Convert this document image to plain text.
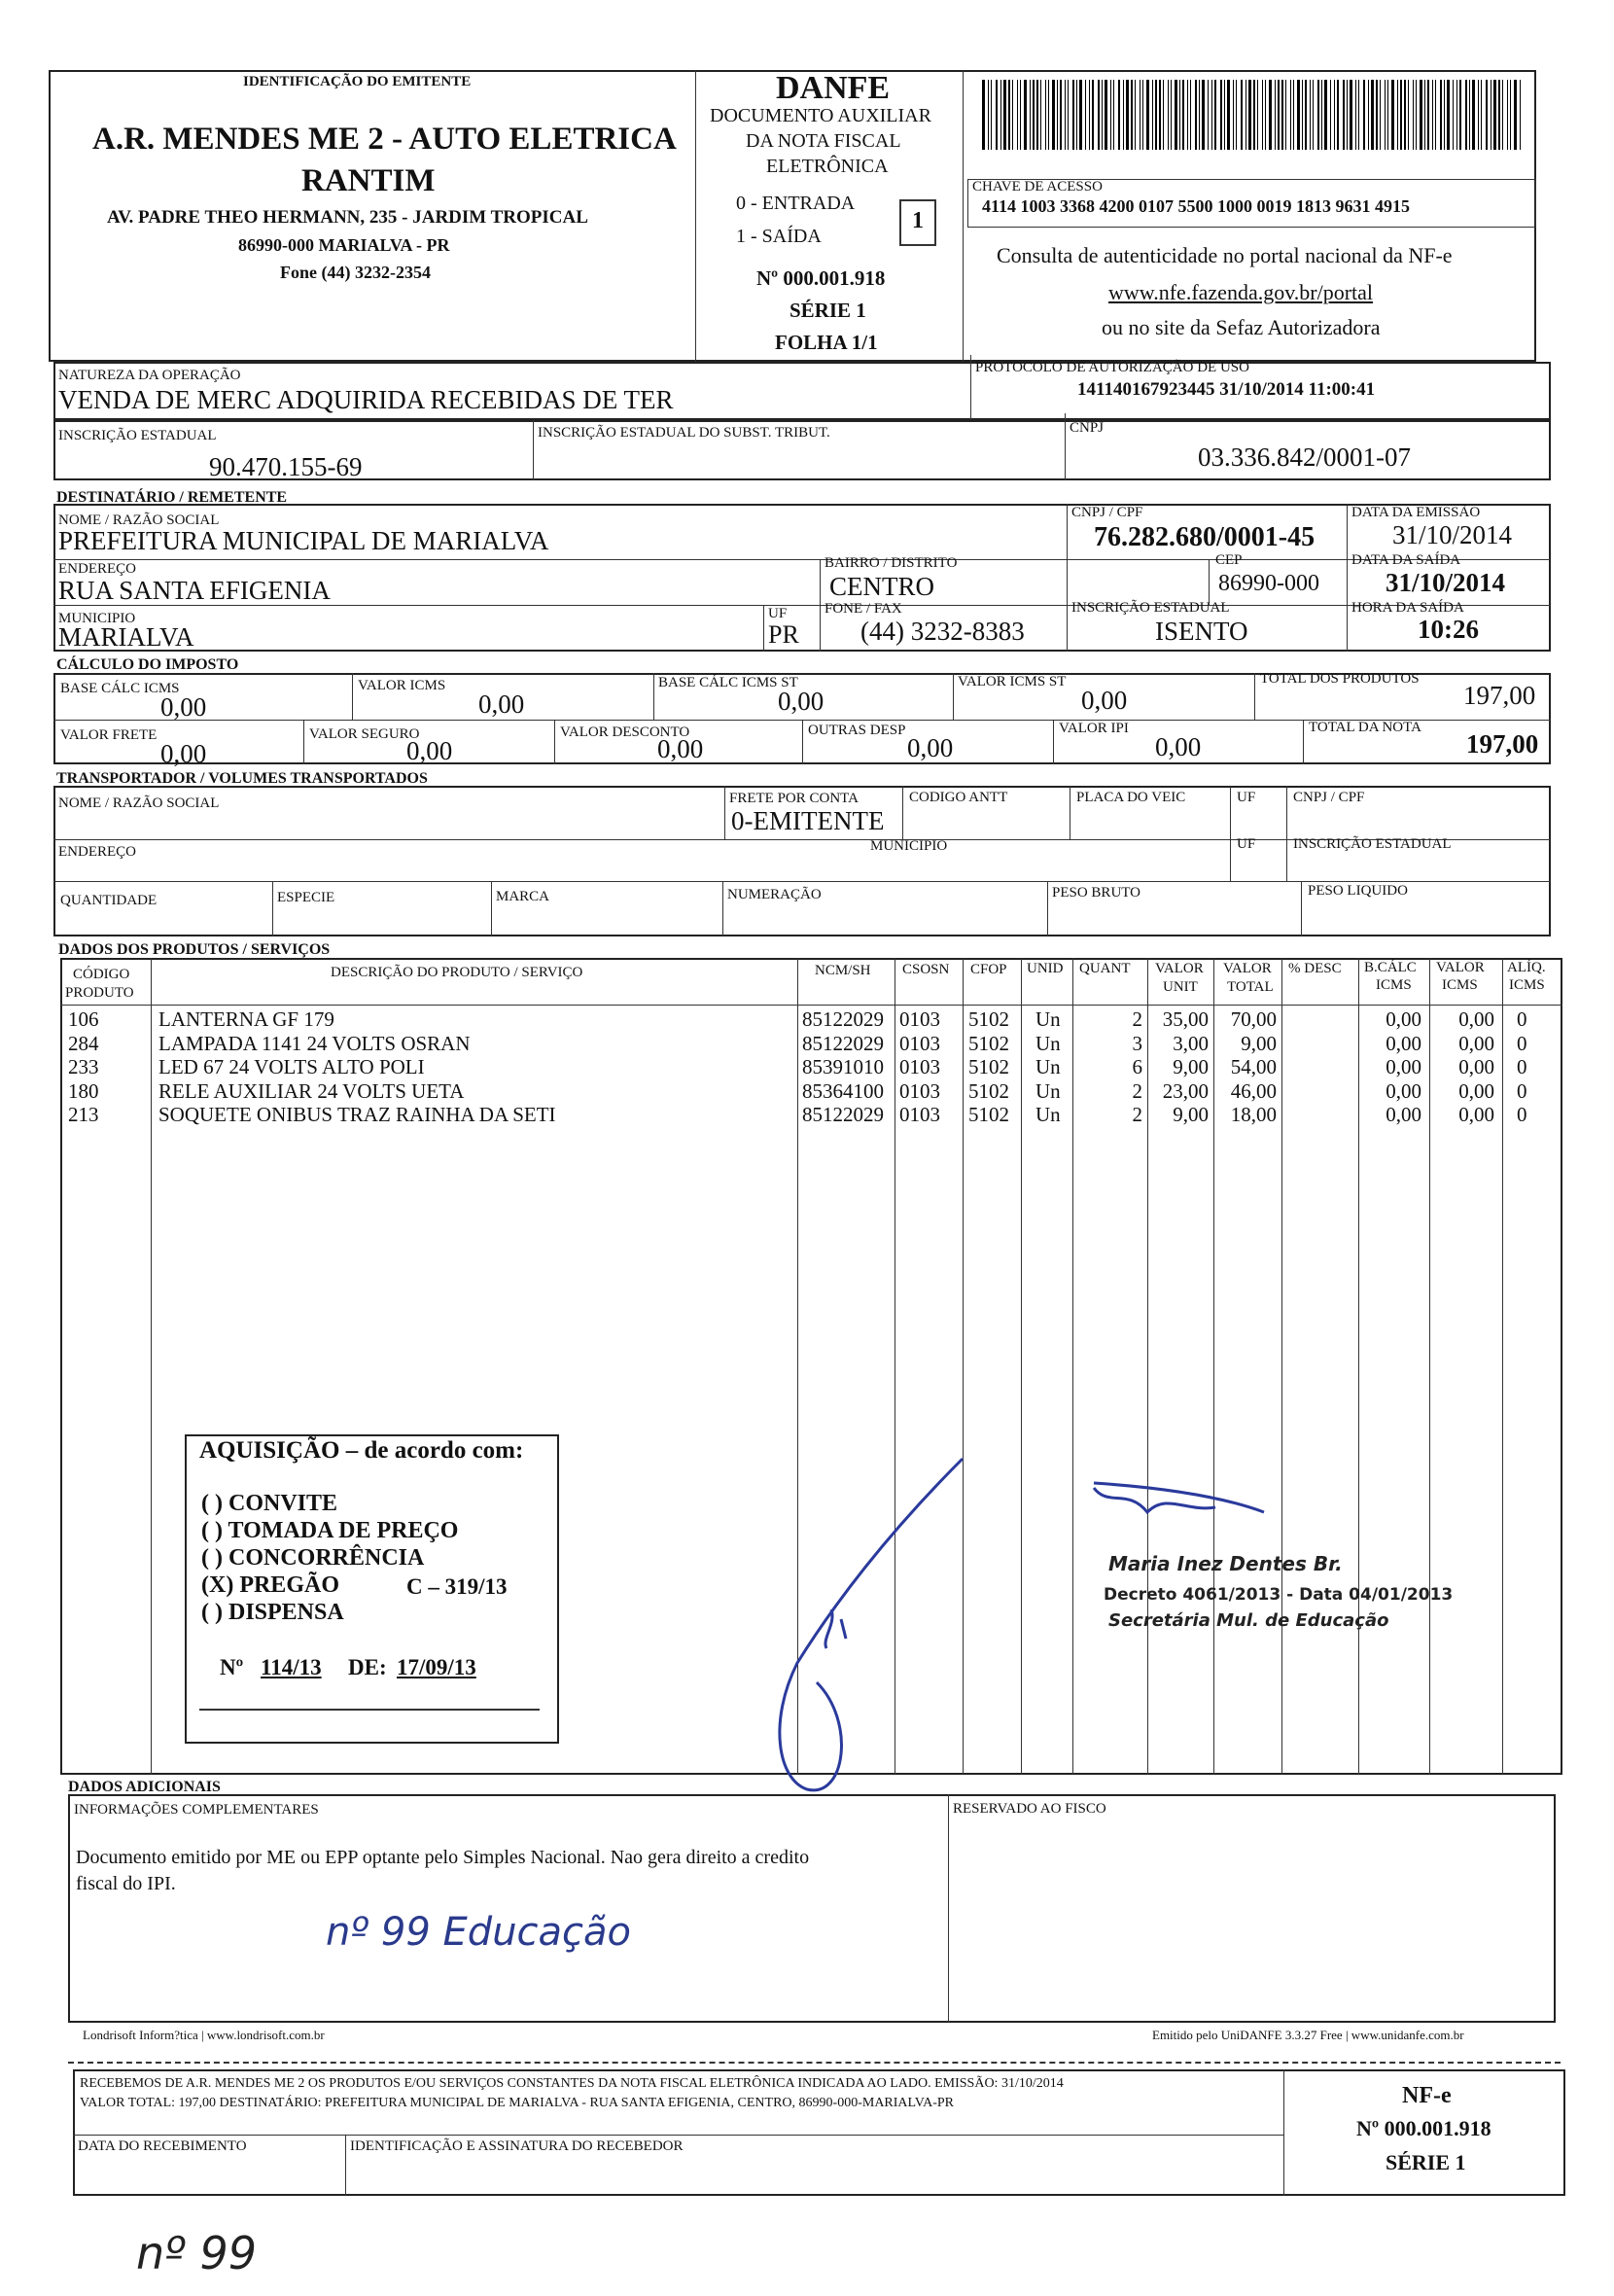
IDENTIFICAÇÃO DO EMITENTE
A.R. MENDES ME 2 - AUTO ELETRICA
RANTIM
AV. PADRE THEO HERMANN, 235 - JARDIM TROPICAL
86990-000 MARIALVA - PR
Fone (44) 3232-2354
DANFE
DOCUMENTO AUXILIAR
DA NOTA FISCAL
ELETRÔNICA
0 - ENTRADA
1 - SAÍDA
1
Nº 000.001.918
SÉRIE 1
FOLHA 1/1
CHAVE DE ACESSO
4114 1003 3368 4200 0107 5500 1000 0019 1813 9631 4915
Consulta de autenticidade no portal nacional da NF-e
www.nfe.fazenda.gov.br/portal
ou no site da Sefaz Autorizadora
NATUREZA DA OPERAÇÃO
VENDA DE MERC ADQUIRIDA RECEBIDAS DE TER
PROTOCOLO DE AUTORIZAÇÃO DE USO
141140167923445 31/10/2014 11:00:41
INSCRIÇÃO ESTADUAL
90.470.155-69
INSCRIÇÃO ESTADUAL DO SUBST. TRIBUT.	CNPJ
03.336.842/0001-07
DESTINATÁRIO / REMETENTE
NOME / RAZÃO SOCIAL
PREFEITURA MUNICIPAL DE MARIALVA
CNPJ / CPF
76.282.680/0001-45
DATA DA EMISSÃO
31/10/2014
ENDEREÇO
RUA SANTA EFIGENIA
BAIRRO / DISTRITO
CENTRO
CEP
86990-000
DATA DA SAÍDA
31/10/2014
MUNICIPIO
MARIALVA
UF
PR
FONE / FAX
(44) 3232-8383
INSCRIÇÃO ESTADUAL
ISENTO
HORA DA SAÍDA
10:26
CÁLCULO DO IMPOSTO
BASE CÁLC ICMS
0,00
VALOR ICMS
0,00
BASE CÁLC ICMS ST
0,00
VALOR ICMS ST
0,00
TOTAL DOS PRODUTOS
197,00
VALOR FRETE
0,00
VALOR SEGURO
0,00
VALOR DESCONTO
0,00
OUTRAS DESP
0,00
VALOR IPI
0,00
TOTAL DA NOTA
197,00
TRANSPORTADOR / VOLUMES TRANSPORTADOS
NOME / RAZÃO SOCIAL	FRETE POR CONTA
0-EMITENTE
CODIGO ANTT	PLACA DO VEIC	UF	CNPJ / CPF
ENDEREÇO	MUNICIPIO	UF	INSCRIÇÃO ESTADUAL
QUANTIDADE	ESPECIE	MARCA	NUMERAÇÃO	PESO BRUTO	PESO LIQUIDO
DADOS DOS PRODUTOS / SERVIÇOS
CÓDIGO
PRODUTO
DESCRIÇÃO DO PRODUTO / SERVIÇO	NCM/SH CSOSN CFOP UNID QUANT VALOR
UNIT
VALOR
TOTAL
% DESC B.CÁLC
ICMS
VALOR
ICMS
ALÍQ.
ICMS
106	LANTERNA GF 179	85122029 0103 5102 Un	2 35,00 70,00	0,00 0,00 0
284	LAMPADA 1141 24 VOLTS OSRAN	85122029 0103 5102 Un	3 3,00 9,00	0,00 0,00 0
233	LED 67 24 VOLTS ALTO POLI	85391010 0103 5102 Un	6 9,00 54,00	0,00 0,00 0
180	RELE AUXILIAR 24 VOLTS UETA	85364100 0103 5102 Un	2 23,00 46,00	0,00 0,00 0
213	SOQUETE ONIBUS TRAZ RAINHA DA SETI	85122029 0103 5102 Un	2 9,00 18,00	0,00 0,00 0
AQUISIÇÃO – de acordo com:
( ) CONVITE
( ) TOMADA DE PREÇO
( ) CONCORRÊNCIA
(X) PREGÃO	C – 319/13
( ) DISPENSA
Nº 114/13 DE: 17/09/13
Maria Inez Dentes Br.
Decreto 4061/2013 - Data 04/01/2013
Secretária Mul. de Educação
DADOS ADICIONAIS
INFORMAÇÕES COMPLEMENTARES
Documento emitido por ME ou EPP optante pelo Simples Nacional. Nao gera direito a credito
fiscal do IPI.
nº 99 Educação
RESERVADO AO FISCO
Londrisoft Inform?tica | www.londrisoft.com.br	Emitido pelo UniDANFE 3.3.27 Free | www.unidanfe.com.br
RECEBEMOS DE A.R. MENDES ME 2 OS PRODUTOS E/OU SERVIÇOS CONSTANTES DA NOTA FISCAL ELETRÔNICA INDICADA AO LADO. EMISSÃO: 31/10/2014
VALOR TOTAL: 197,00 DESTINATÁRIO: PREFEITURA MUNICIPAL DE MARIALVA - RUA SANTA EFIGENIA, CENTRO, 86990-000-MARIALVA-PR
DATA DO RECEBIMENTO	IDENTIFICAÇÃO E ASSINATURA DO RECEBEDOR
NF-e
Nº 000.001.918
SÉRIE 1
nº 99
